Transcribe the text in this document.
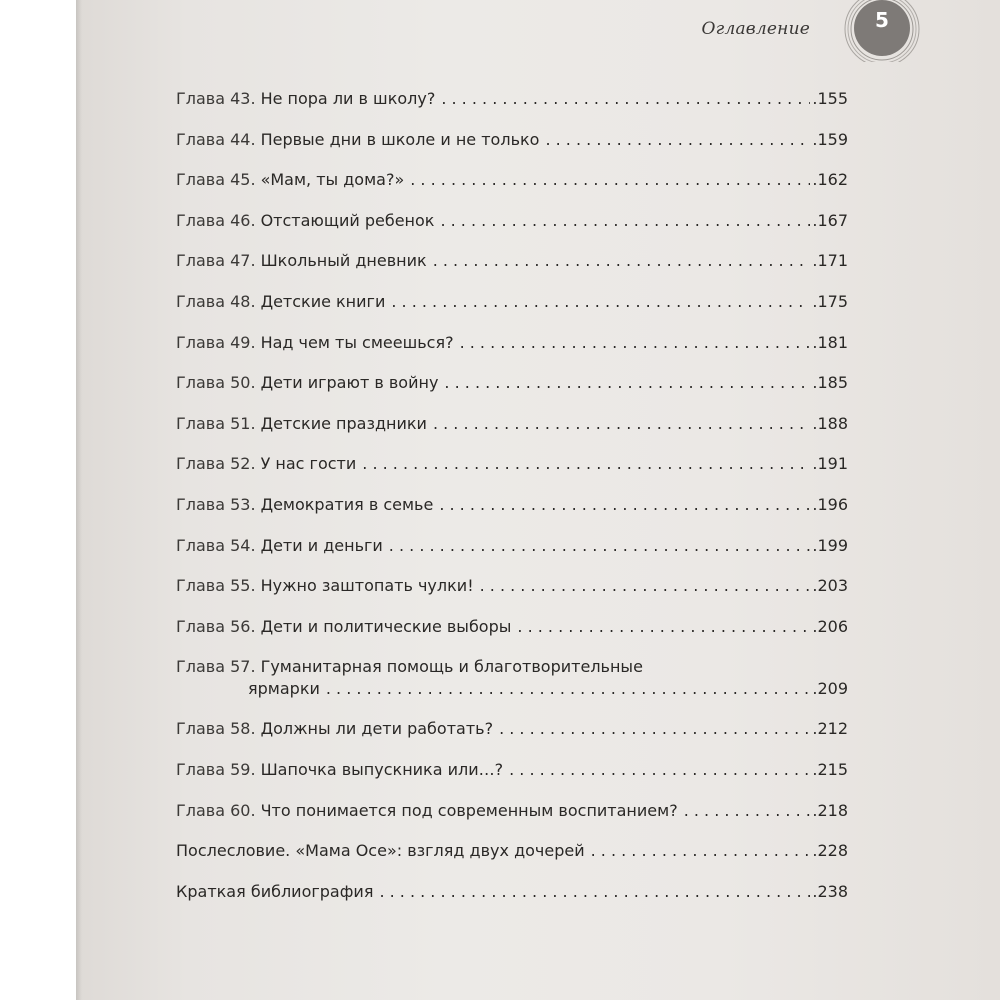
Оглавление	5
Глава 43. Не пора ли в школу? . . .	.155
Глава 44. Первые дни в школе и не только . . .	.159
Глава 45. «Мам, ты дома?» . . .	.162
Глава 46. Отстающий ребенок . . .	.167
Глава 47. Школьный дневник . . .	.171
Глава 48. Детские книги . . .	.175
Глава 49. Над чем ты смеешься? . . .	.181
Глава 50. Дети играют в войну . . .	.185
Глава 51. Детские праздники . . .	.188
Глава 52. У нас гости . . .	.191
Глава 53. Демократия в семье . . .	.196
Глава 54. Дети и деньги . . .	.199
Глава 55. Нужно заштопать чулки! . . .	.203
Глава 56. Дети и политические выборы . . .	.206
Глава 57. Гуманитарная помощь и благотворительные
ярмарки . . .	.209
Глава 58. Должны ли дети работать? . . .	.212
Глава 59. Шапочка выпускника или…? . . .	.215
Глава 60. Что понимается под современным воспитанием? . . .	.218
Послесловие. «Мама Осе»: взгляд двух дочерей . . .	.228
Краткая библиография . . .	.238
